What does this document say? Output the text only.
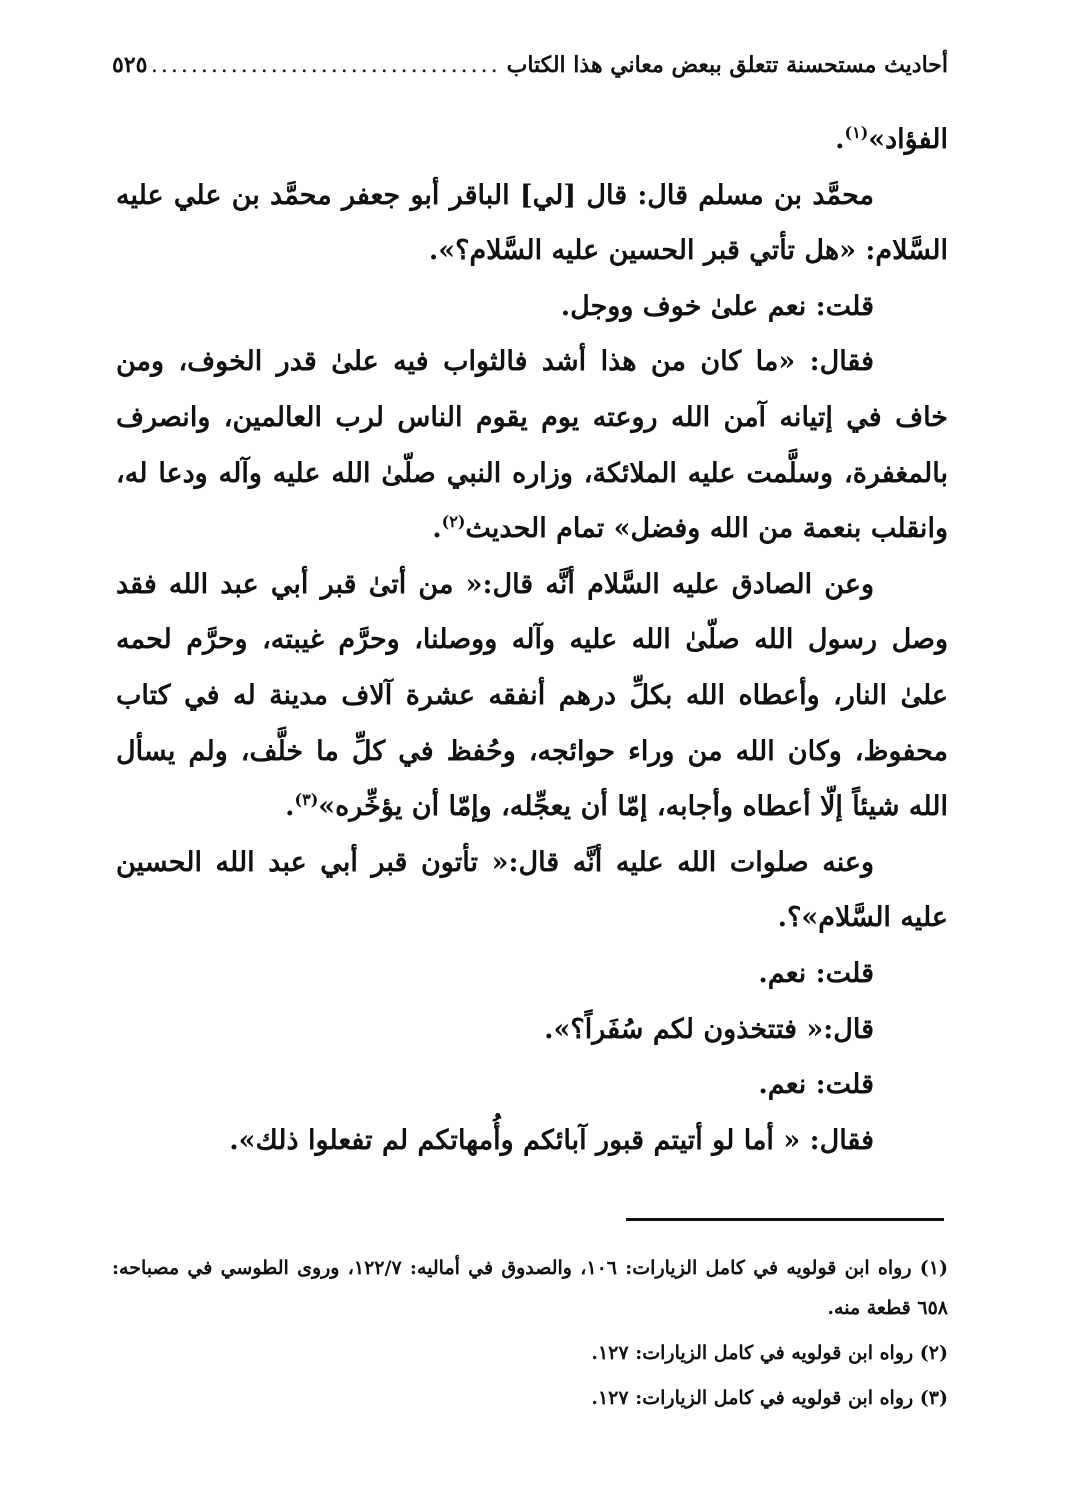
أحاديث مستحسنة تتعلق ببعض معاني هذا الكتاب
.....
٥٢٥

الفؤاد»$^{(١)}$.

محمَّد بن مسلم قال: قال [لي] الباقر أبو جعفر محمَّد بن علي عليه السَّلام: «هل تأتي قبر الحسين عليه السَّلام؟».

قلت: نعم علىٰ خوف ووجل.

فقال: «ما كان من هذا أشد فالثواب فيه علىٰ قدر الخوف، ومن خاف في إتيانه آمن الله روعته يوم يقوم الناس لرب العالمين، وانصرف بالمغفرة، وسلَّمت عليه الملائكة، وزاره النبي صلّىٰ الله عليه وآله ودعا له، وانقلب بنعمة من الله وفضل» تمام الحديث$^{(٢)}$.

وعن الصادق عليه السَّلام أنَّه قال:« من أتىٰ قبر أبي عبد الله فقد وصل رسول الله صلّىٰ الله عليه وآله ووصلنا، وحرَّم غيبته، وحرَّم لحمه علىٰ النار، وأعطاه الله بكلِّ درهم أنفقه عشرة آلاف مدينة له في كتاب محفوظ، وكان الله من وراء حوائجه، وحُفظ في كلِّ ما خلَّف، ولم يسأل الله شيئاً إلّا أعطاه وأجابه، إمّا أن يعجِّله، وإمّا أن يؤخِّره»$^{(٣)}$.

وعنه صلوات الله عليه أنَّه قال:« تأتون قبر أبي عبد الله الحسين عليه السَّلام»؟.

قلت: نعم.

قال:« فتتخذون لكم سُفَراً؟».

قلت: نعم.

فقال: « أما لو أتيتم قبور آبائكم وأُمهاتكم لم تفعلوا ذلك».

(١) رواه ابن قولويه في كامل الزيارات: ١٠٦، والصدوق في أماليه: ١٢٢/٧، وروى الطوسي في مصباحه: ٦٥٨ قطعة منه.

(٢) رواه ابن قولويه في كامل الزيارات: ١٢٧.

(٣) رواه ابن قولويه في كامل الزيارات: ١٢٧.
